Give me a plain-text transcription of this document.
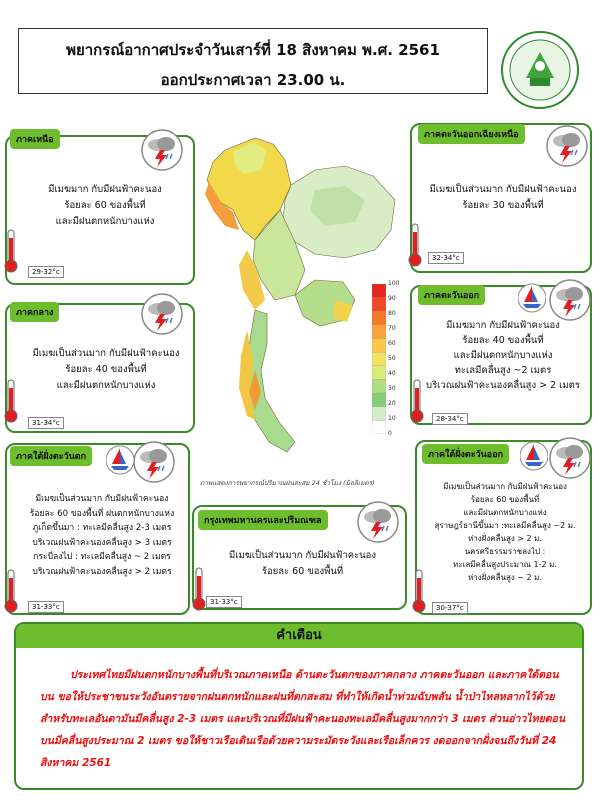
พยากรณ์อากาศประจำวันเสาร์ที่ 18 สิงหาคม พ.ศ. 2561
ออกประกาศเวลา 23.00 น.
100
90
80
70
60
50
40
30
20
10
0
ภาพแสดงการพยากรณ์ปริมาณฝนสะสม 24 ชั่วโมง (มิลลิเมตร)
ภาคเหนือ
มีเมฆมาก กับมีฝนฟ้าคะนอง
ร้อยละ 60 ของพื้นที่
และมีฝนตกหนักบางแห่ง
ภาคตะวันออกเฉียงเหนือ
มีเมฆเป็นส่วนมาก กับมีฝนฟ้าคะนอง
ร้อยละ 30 ของพื้นที่
ภาคกลาง
มีเมฆเป็นส่วนมาก กับมีฝนฟ้าคะนอง
ร้อยละ 40 ของพื้นที่
และมีฝนตกหนักบางแห่ง
ภาคตะวันออก
มีเมฆมาก กับมีฝนฟ้าคะนอง
ร้อยละ 40 ของพื้นที่
และมีฝนตกหนักบางแห่ง
ทะเลมีคลื่นสูง ~2 เมตร
บริเวณฝนฟ้าคะนองคลื่นสูง > 2 เมตร
ภาคใต้ฝั่งตะวันตก
มีเมฆเป็นส่วนมาก กับมีฝนฟ้าคะนอง
ร้อยละ 60 ของพื้นที่ ฝนตกหนักบางแห่ง
ภูเก็ตขึ้นมา : ทะเลมีคลื่นสูง 2-3 เมตร
บริเวณฝนฟ้าคะนองคลื่นสูง > 3 เมตร
กระบี่ลงไป : ทะเลมีคลื่นสูง ~ 2 เมตร
บริเวณฝนฟ้าคะนองคลื่นสูง > 2 เมตร
ภาคใต้ฝั่งตะวันออก
มีเมฆเป็นส่วนมาก กับมีฝนฟ้าคะนอง
ร้อยละ 60 ของพื้นที่
และมีฝนตกหนักบางแห่ง
สุราษฎร์ธานีขึ้นมา :ทะเลมีคลื่นสูง ~2 ม.
ห่างฝั่งคลื่นสูง > 2 ม.
นครศรีธรรมราชลงไป :
ทะเลมีคลื่นสูงประมาณ 1-2 ม.
ห่างฝั่งคลื่นสูง ~ 2 ม.
กรุงเทพมหานครและปริมณฑล
มีเมฆเป็นส่วนมาก กับมีฝนฟ้าคะนอง
ร้อยละ 60 ของพื้นที่
29-32°c
32-34°c
31-34°c	28-34°c
31-33°c	30-37°c
31-33°c
คำเตือน
ประเทศไทยมีฝนตกหนักบางพื้นที่บริเวณภาคเหนือ ด้านตะวันตกของภาคกลาง ภาคตะวันออก และภาคใต้ตอนบน ขอให้ประชาชนระวังอันตรายจากฝนตกหนักและฝนที่ตกสะสม ที่ทำให้เกิดน้ำท่วมฉับพลัน น้ำป่าไหลหลากไว้ด้วย สำหรับทะเลอันดามันมีคลื่นสูง 2-3 เมตร และบริเวณที่มีฝนฟ้าคะนองทะเลมีคลื่นสูงมากกว่า 3 เมตร ส่วนอ่าวไทยตอนบนมีคลื่นสูงประมาณ 2 เมตร ขอให้ชาวเรือเดินเรือด้วยความระมัดระวังและเรือเล็กควร งดออกจากฝั่งจนถึงวันที่ 24 สิงหาคม 2561
